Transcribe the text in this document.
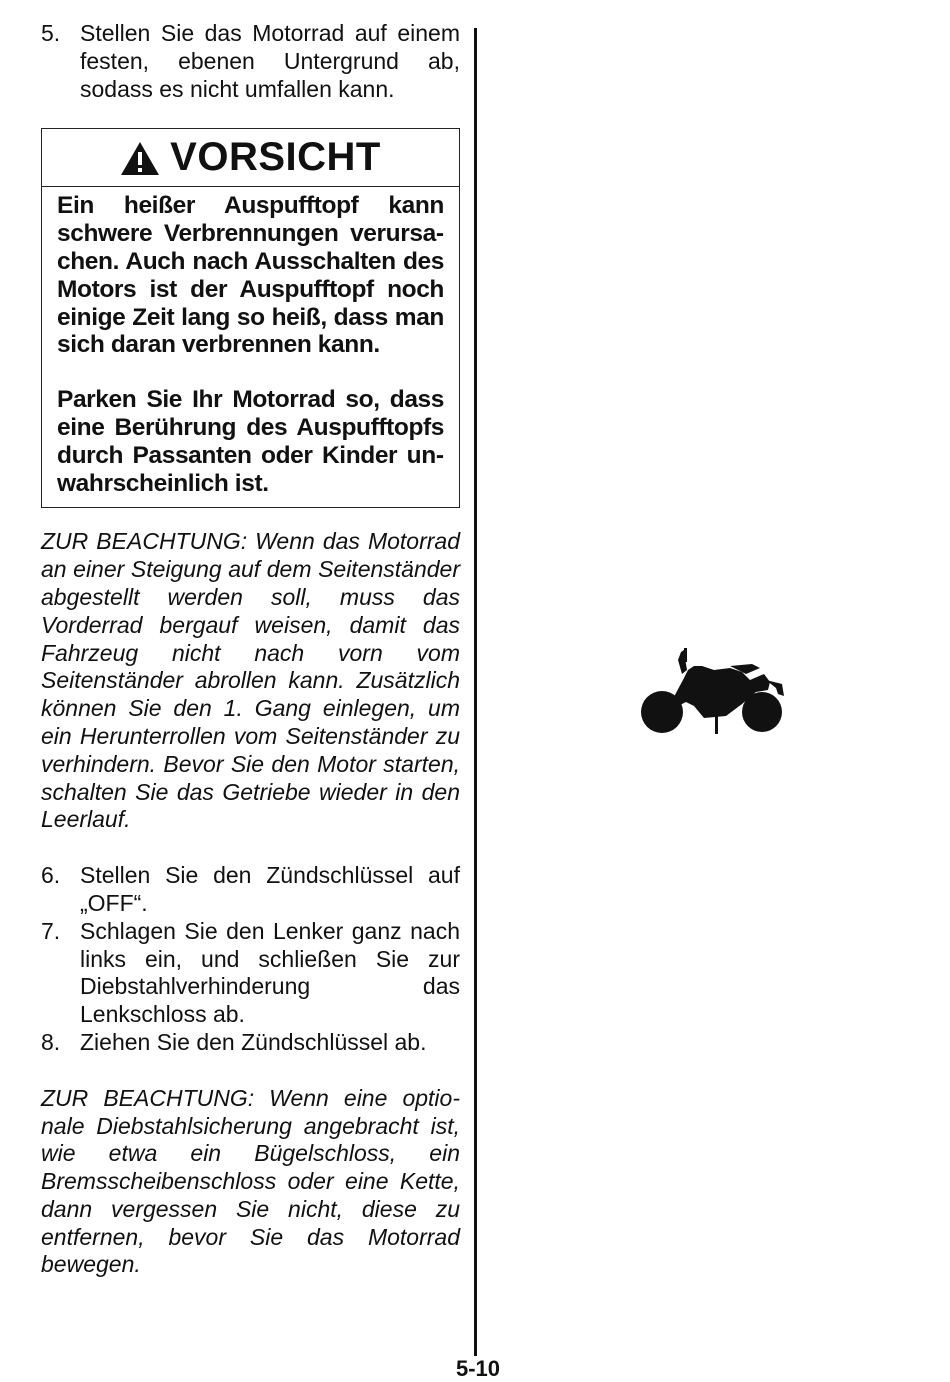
5. Stellen Sie das Motorrad auf einem festen, ebenen Untergrund ab, sodass es nicht umfallen kann.
VORSICHT

Ein heißer Auspufftopf kann schwere Verbrennungen verursachen. Auch nach Ausschalten des Motors ist der Auspufftopf noch einige Zeit lang so heiß, dass man sich daran verbrennen kann.

Parken Sie Ihr Motorrad so, dass eine Berührung des Auspufftopfs durch Passanten oder Kinder unwahrscheinlich ist.

ZUR BEACHTUNG: Wenn das Motorrad an einer Steigung auf dem Seitenständer abgestellt werden soll, muss das Vorderrad bergauf weisen, damit das Fahrzeug nicht nach vorn vom Seitenständer abrollen kann. Zusätzlich können Sie den 1. Gang einlegen, um ein Herunterrollen vom Seitenständer zu verhindern. Bevor Sie den Motor starten, schalten Sie das Getriebe wieder in den Leerlauf.

6. Stellen Sie den Zündschlüssel auf „OFF“.
7. Schlagen Sie den Lenker ganz nach links ein, und schließen Sie zur Diebstahlverhinderung das Lenkschloss ab.
8. Ziehen Sie den Zündschlüssel ab.

ZUR BEACHTUNG: Wenn eine optionale Diebstahlsicherung angebracht ist, wie etwa ein Bügelschloss, ein Bremsscheibenschloss oder eine Kette, dann vergessen Sie nicht, diese zu entfernen, bevor Sie das Motorrad bewegen.

5-10
